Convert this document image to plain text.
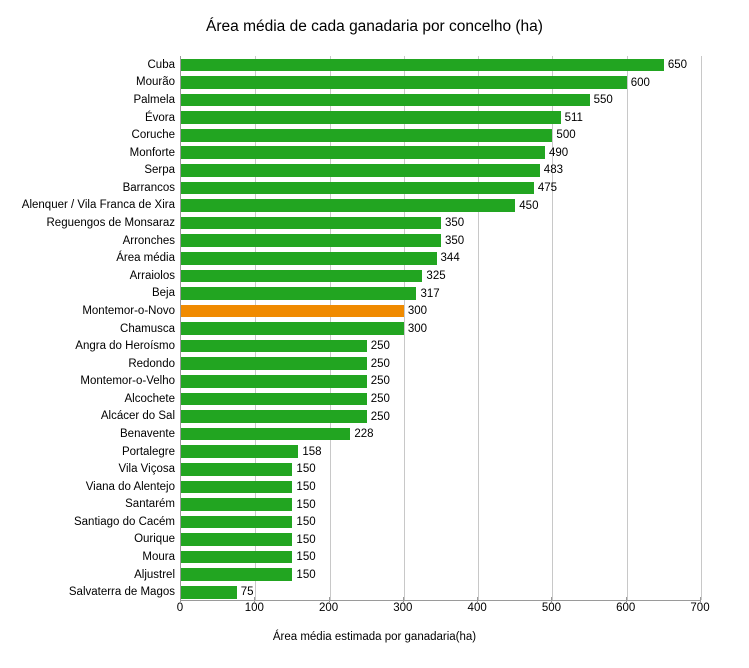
Área média de cada ganadaria por concelho (ha)
650
600
550
511
500
490
483
475
450
350
350
344
325
317
300
300
250
250
250
250
250
228
158
150
150
150
150
150
150
150
75
Cuba
Mourão
Palmela
Évora
Coruche
Monforte
Serpa
Barrancos
Alenquer / Vila Franca de Xira
Reguengos de Monsaraz
Arronches
Área média
Arraiolos
Beja
Montemor-o-Novo
Chamusca
Angra do Heroísmo
Redondo
Montemor-o-Velho
Alcochete
Alcácer do Sal
Benavente
Portalegre
Vila Viçosa
Viana do Alentejo
Santarém
Santiago do Cacém
Ourique
Moura
Aljustrel
Salvaterra de Magos
0	100	200	300	400	500	600	700
Área média estimada por ganadaria(ha)
